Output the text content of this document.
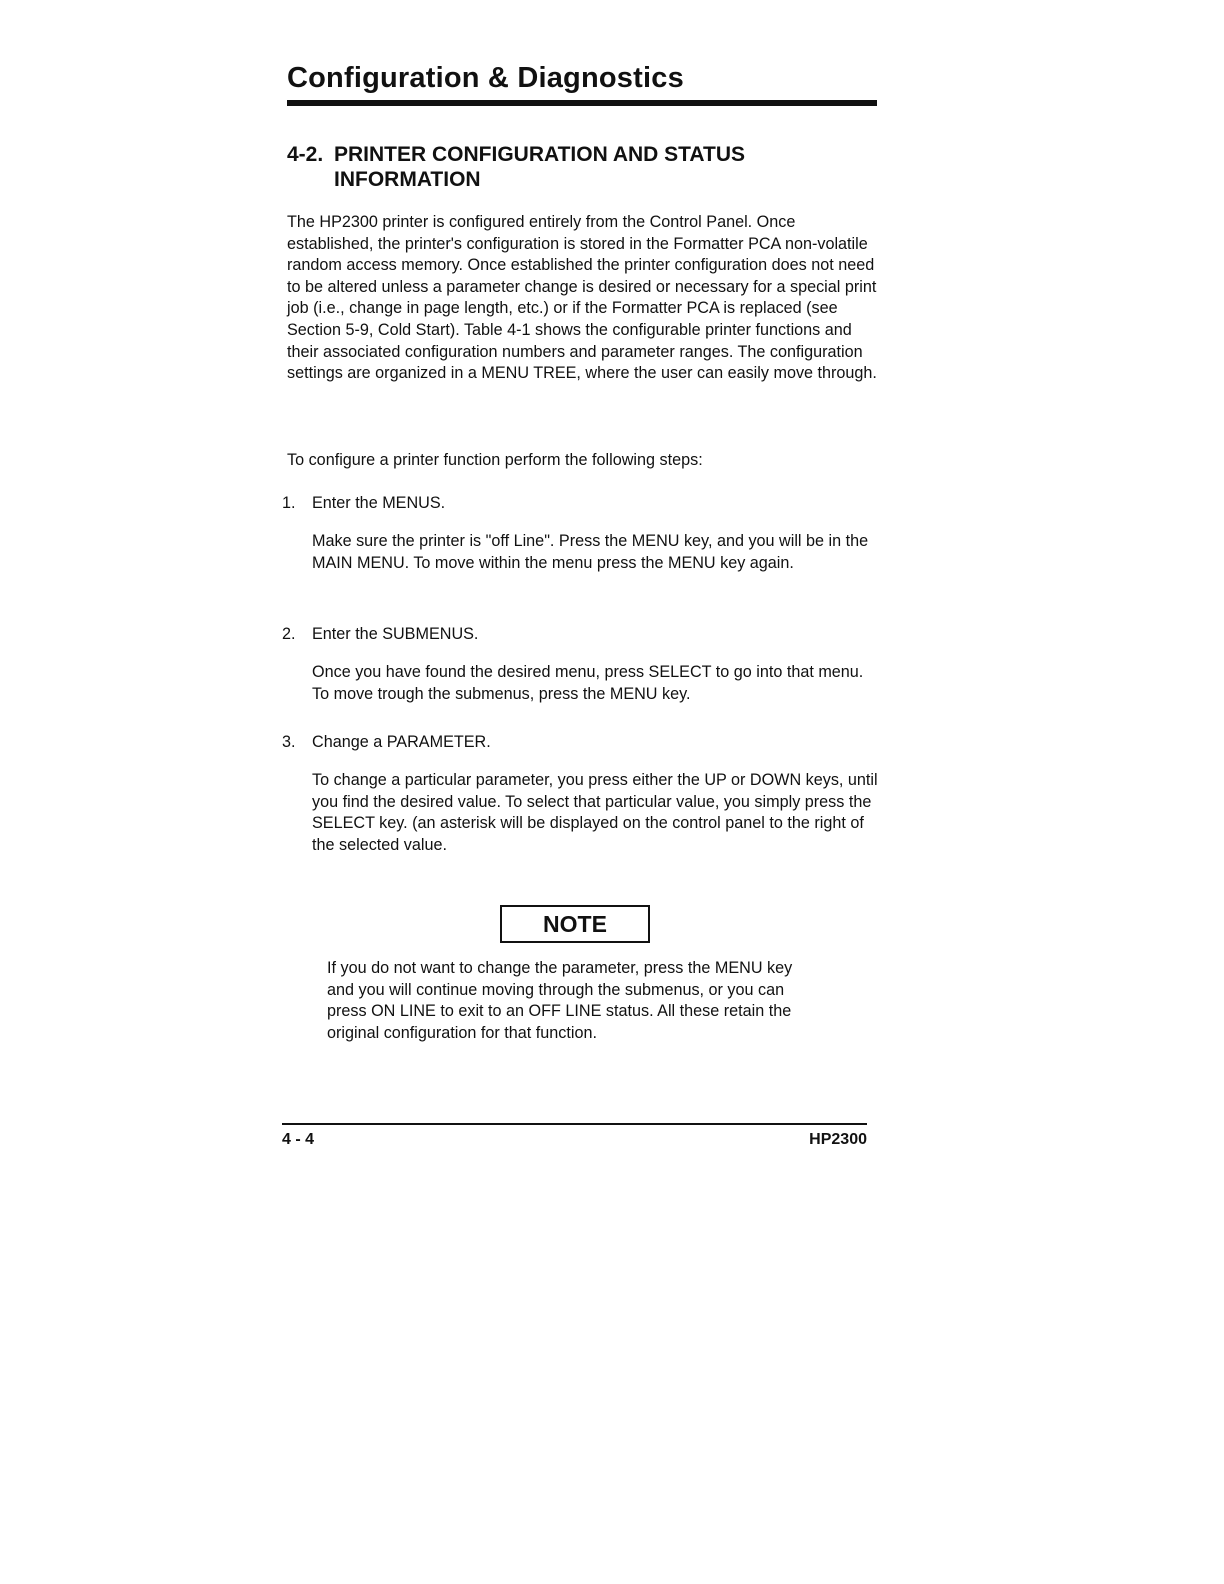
Configuration & Diagnostics
4-2. PRINTER CONFIGURATION AND STATUS
INFORMATION

The HP2300 printer is configured entirely from the Control Panel. Once established, the printer's configuration is stored in the Formatter PCA non-volatile random access memory. Once established the printer configuration does not need to be altered unless a parameter change is desired or necessary for a special print job (i.e., change in page length, etc.) or if the Formatter PCA is replaced (see Section 5-9, Cold Start). Table 4-1 shows the configurable printer functions and their associated configuration numbers and parameter ranges. The configuration settings are organized in a MENU TREE, where the user can easily move through.

To configure a printer function perform the following steps:

1. Enter the MENUS.

Make sure the printer is "off Line". Press the MENU key, and you will be in the MAIN MENU. To move within the menu press the MENU key again.

2. Enter the SUBMENUS.

Once you have found the desired menu, press SELECT to go into that menu. To move trough the submenus, press the MENU key.

3. Change a PARAMETER.

To change a particular parameter, you press either the UP or DOWN keys, until you find the desired value. To select that particular value, you simply press the SELECT key. (an asterisk will be displayed on the control panel to the right of the selected value.

NOTE

If you do not want to change the parameter, press the MENU key and you will continue moving through the submenus, or you can press ON LINE to exit to an OFF LINE status. All these retain the original configuration for that function.

4 - 4	HP2300
